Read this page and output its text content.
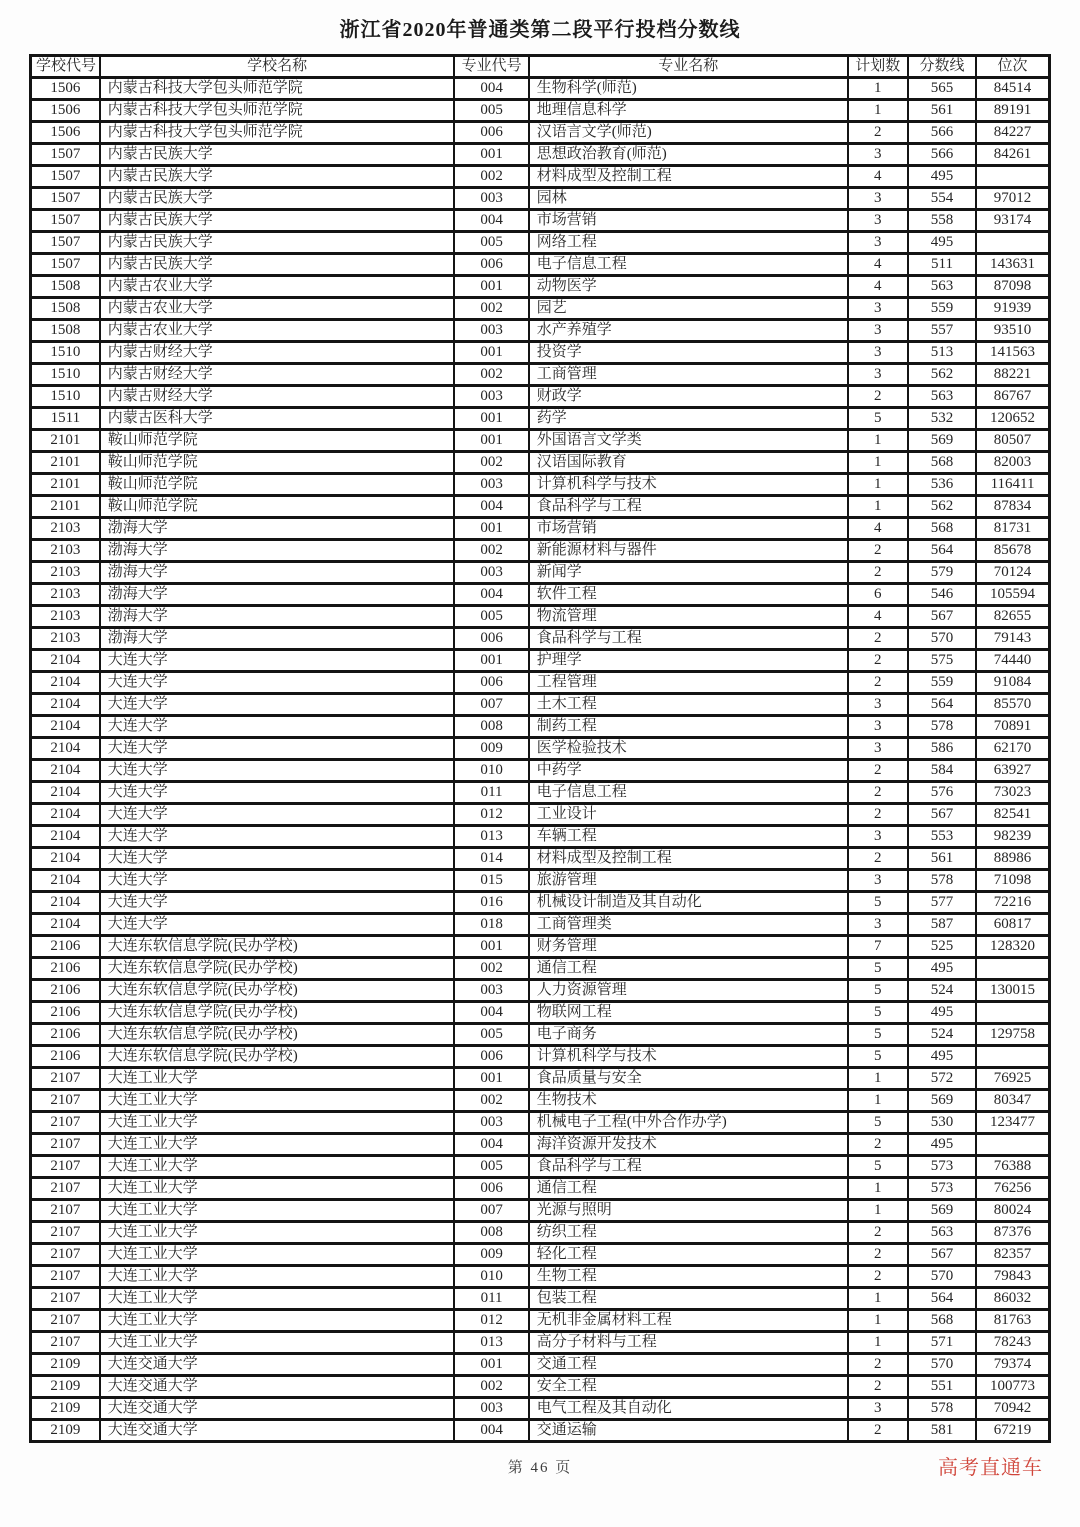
浙江省2020年普通类第二段平行投档分数线
学校代号	学校名称	专业代号	专业名称	计划数	分数线	位次
1506	内蒙古科技大学包头师范学院	004	生物科学(师范)	1	565	84514
1506	内蒙古科技大学包头师范学院	005	地理信息科学	1	561	89191
1506	内蒙古科技大学包头师范学院	006	汉语言文学(师范)	2	566	84227
1507	内蒙古民族大学	001	思想政治教育(师范)	3	566	84261
1507	内蒙古民族大学	002	材料成型及控制工程	4	495	
1507	内蒙古民族大学	003	园林	3	554	97012
1507	内蒙古民族大学	004	市场营销	3	558	93174
1507	内蒙古民族大学	005	网络工程	3	495	
1507	内蒙古民族大学	006	电子信息工程	4	511	143631
1508	内蒙古农业大学	001	动物医学	4	563	87098
1508	内蒙古农业大学	002	园艺	3	559	91939
1508	内蒙古农业大学	003	水产养殖学	3	557	93510
1510	内蒙古财经大学	001	投资学	3	513	141563
1510	内蒙古财经大学	002	工商管理	3	562	88221
1510	内蒙古财经大学	003	财政学	2	563	86767
1511	内蒙古医科大学	001	药学	5	532	120652
2101	鞍山师范学院	001	外国语言文学类	1	569	80507
2101	鞍山师范学院	002	汉语国际教育	1	568	82003
2101	鞍山师范学院	003	计算机科学与技术	1	536	116411
2101	鞍山师范学院	004	食品科学与工程	1	562	87834
2103	渤海大学	001	市场营销	4	568	81731
2103	渤海大学	002	新能源材料与器件	2	564	85678
2103	渤海大学	003	新闻学	2	579	70124
2103	渤海大学	004	软件工程	6	546	105594
2103	渤海大学	005	物流管理	4	567	82655
2103	渤海大学	006	食品科学与工程	2	570	79143
2104	大连大学	001	护理学	2	575	74440
2104	大连大学	006	工程管理	2	559	91084
2104	大连大学	007	土木工程	3	564	85570
2104	大连大学	008	制药工程	3	578	70891
2104	大连大学	009	医学检验技术	3	586	62170
2104	大连大学	010	中药学	2	584	63927
2104	大连大学	011	电子信息工程	2	576	73023
2104	大连大学	012	工业设计	2	567	82541
2104	大连大学	013	车辆工程	3	553	98239
2104	大连大学	014	材料成型及控制工程	2	561	88986
2104	大连大学	015	旅游管理	3	578	71098
2104	大连大学	016	机械设计制造及其自动化	5	577	72216
2104	大连大学	018	工商管理类	3	587	60817
2106	大连东软信息学院(民办学校)	001	财务管理	7	525	128320
2106	大连东软信息学院(民办学校)	002	通信工程	5	495	
2106	大连东软信息学院(民办学校)	003	人力资源管理	5	524	130015
2106	大连东软信息学院(民办学校)	004	物联网工程	5	495	
2106	大连东软信息学院(民办学校)	005	电子商务	5	524	129758
2106	大连东软信息学院(民办学校)	006	计算机科学与技术	5	495	
2107	大连工业大学	001	食品质量与安全	1	572	76925
2107	大连工业大学	002	生物技术	1	569	80347
2107	大连工业大学	003	机械电子工程(中外合作办学)	5	530	123477
2107	大连工业大学	004	海洋资源开发技术	2	495	
2107	大连工业大学	005	食品科学与工程	5	573	76388
2107	大连工业大学	006	通信工程	1	573	76256
2107	大连工业大学	007	光源与照明	1	569	80024
2107	大连工业大学	008	纺织工程	2	563	87376
2107	大连工业大学	009	轻化工程	2	567	82357
2107	大连工业大学	010	生物工程	2	570	79843
2107	大连工业大学	011	包装工程	1	564	86032
2107	大连工业大学	012	无机非金属材料工程	1	568	81763
2107	大连工业大学	013	高分子材料与工程	1	571	78243
2109	大连交通大学	001	交通工程	2	570	79374
2109	大连交通大学	002	安全工程	2	551	100773
2109	大连交通大学	003	电气工程及其自动化	3	578	70942
2109	大连交通大学	004	交通运输	2	581	67219
第 46 页	高考直通车
